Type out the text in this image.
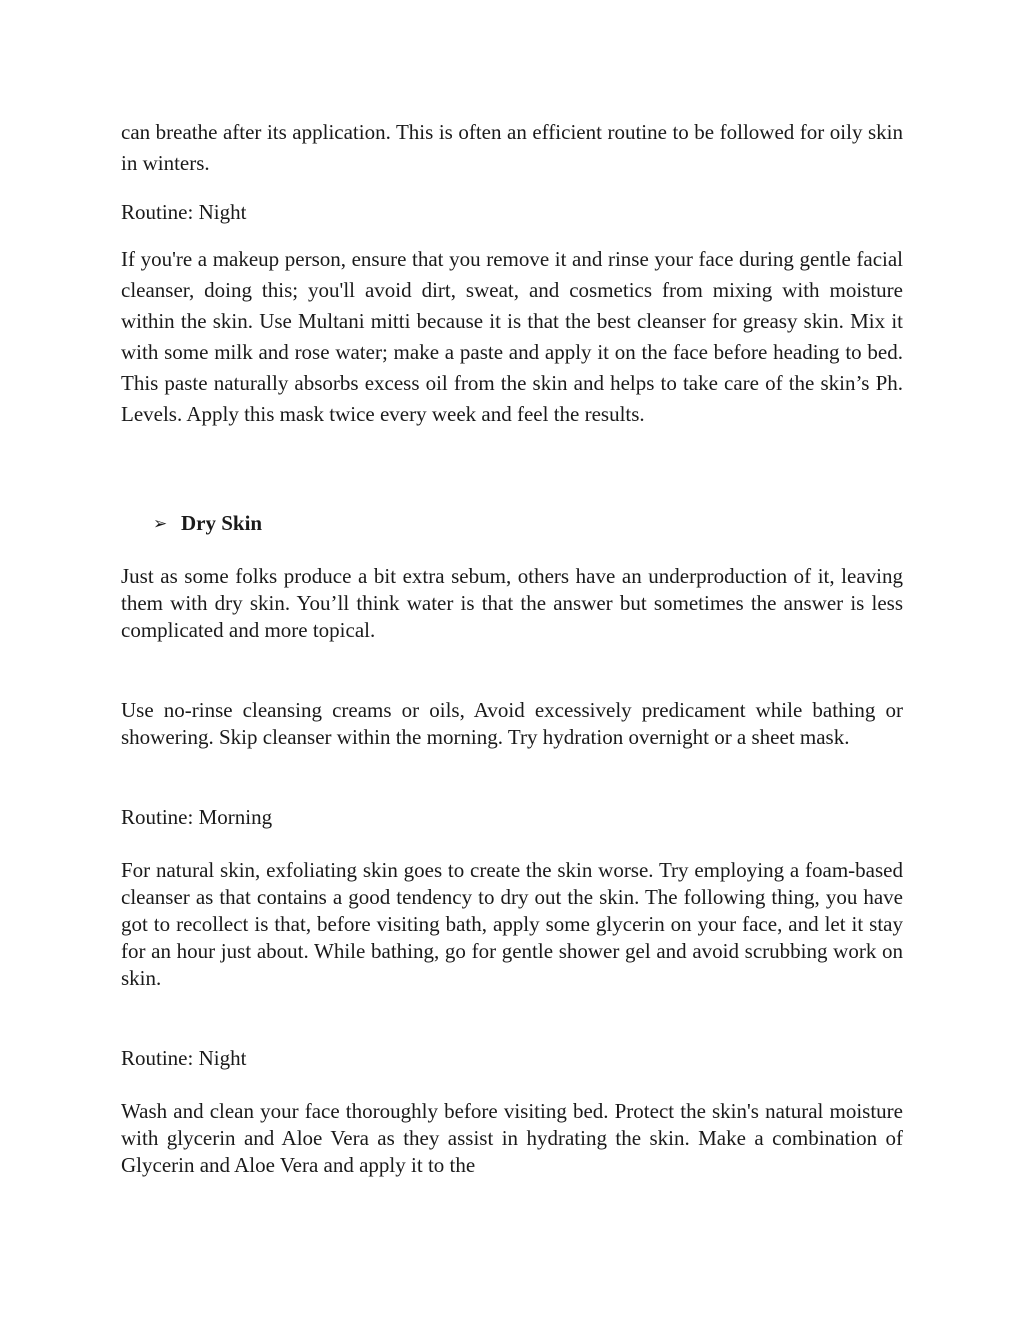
can breathe after its application. This is often an efficient routine to be followed for oily skin in winters.

Routine: Night

If you're a makeup person, ensure that you remove it and rinse your face during gentle facial cleanser, doing this; you'll avoid dirt, sweat, and cosmetics from mixing with moisture within the skin. Use Multani mitti because it is that the best cleanser for greasy skin. Mix it with some milk and rose water; make a paste and apply it on the face before heading to bed. This paste naturally absorbs excess oil from the skin and helps to take care of the skin’s Ph. Levels. Apply this mask twice every week and feel the results.

➢ Dry Skin

Just as some folks produce a bit extra sebum, others have an underproduction of it, leaving them with dry skin. You’ll think water is that the answer but sometimes the answer is less complicated and more topical.

Use no-rinse cleansing creams or oils, Avoid excessively predicament while bathing or showering. Skip cleanser within the morning. Try hydration overnight or a sheet mask.

Routine: Morning

For natural skin, exfoliating skin goes to create the skin worse. Try employing a foam-based cleanser as that contains a good tendency to dry out the skin. The following thing, you have got to recollect is that, before visiting bath, apply some glycerin on your face, and let it stay for an hour just about. While bathing, go for gentle shower gel and avoid scrubbing work on skin.

Routine: Night

Wash and clean your face thoroughly before visiting bed. Protect the skin's natural moisture with glycerin and Aloe Vera as they assist in hydrating the skin. Make a combination of Glycerin and Aloe Vera and apply it to the
